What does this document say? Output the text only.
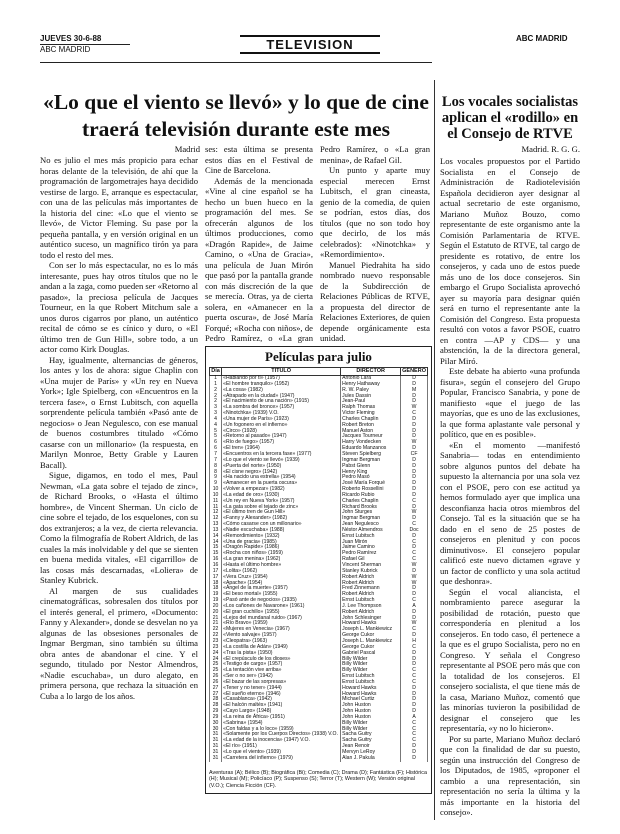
JUEVES 30-6-88
ABC MADRID	TELEVISION	ABC MADRID
«Lo que el viento se llevó» y lo que de cine traerá televisión durante este mes
Madrid

No es julio el mes más propicio para echar horas delante de la televisión, de ahí que la programación de largometrajes haya decidido vestirse de largo. E, arranque es espectacular, con una de las películas más importantes de la historia del cine: «Lo que el viento se llevó», de Victor Fleming. Su pase por la pequeña pantalla, y en versión original en un auténtico suceso, un magnífico tirón ya para todo el resto del mes.

Con ser lo más espectacular, no es lo más interesante, pues hay otros títulos que no le andan a la zaga, como pueden ser «Retorno al pasado», la preciosa película de Jacques Tourneur, en la que Robert Mitchum sale a unos duros cigarros por plano, un auténtico recital de cómo se es cínico y duro, o «El último tren de Gun Hill», sobre todo, a un actor como Kirk Douglas.

Hay, igualmente, alternancias de géneros, los antes y los de ahora: sigue Chaplin con «Una mujer de París» y «Un rey en Nueva York»; Igle Spielberg, con «Encuentros en la tercera fase», o Ernst Lubitsch, con aquella sorprendente película también «Pasó ante de negocios» o Jean Negulesco, con ese manual de buenos costumbres titulado «Cómo casarse con un millonario» (la respuesta, en Marilyn Monroe, Betty Grable y Lauren Bacall).

Sigue, digamos, en todo el mes, Paul Newman, «La gata sobre el tejado de zinc», de Richard Brooks, o «Hasta el último hombre», de Vincent Sherman. Un ciclo de cine sobre el tejado, de los esquelones, con su dos extranjeros; a la vez, de cierta relevancia. Como la filmografía de Robert Aldrich, de las cuales la más inolvidable y del que se sienten en buena medida vitales, «El cigarrillo» de las cosas más descarnadas, «Loliera» de Stanley Kubrick.

Al margen de sus cualidades cinematográficas, sobresalen dos títulos por el interés general, el primero, «Documento: Fanny y Alexander», donde se desvelan no ya algunas de las obsesiones personales de Ingmar Bergman, sino también su última obra antes de abandonar el cine. Y el segundo, titulado por Nestor Almendros, «Nadie escuchaba», un duro alegato, en primera persona, que rechaza la situación en Cuba a lo largo de los años.

ses: esta última se presenta estos días en el Festival de Cine de Barcelona.

Además de la mencionada «Vine al cine español se ha hecho un buen hueco en la programación del mes. Se ofrecerán algunos de los últimos producciones, como «Dragón Rapide», de Jaime Camino, o «Una de Gracia», una película de Juan Mirón que pasó por la pantalla grande con más discreción de la que se merecía. Otras, ya de cierta solera, en «Amanecer en la puerta oscura», de José María Forqué; «Rocha con niños», de Pedro Ramírez, o «La gran

Pedro Ramírez, o «La gran menina», de Rafael Gil.

Un punto y aparte muy especial merecen Ernst Lubitsch, el gran cineasta, genio de la comedia, de quien se podrían, estos días, dos títulos (que no son todo hoy que decirlo, de los más celebrados): «Ninotchka» y «Remordimiento».

Manuel Piedrahita ha sido nombrado nuevo responsable de la Subdirección de Relaciones Públicas de RTVE, a propuesta del director de Relaciones Exteriores, de quien depende orgánicamente esta unidad.

Los vocales socialistas aplican el «rodillo» en el Consejo de RTVE
Madrid. R. G. G.

Los vocales propuestos por el Partido Socialista en el Consejo de Administración de Radiotelevisión Española decidieron ayer designar al actual secretario de este organismo, Mariano Muñoz Bouzo, como representante de este organismo ante la Comisión Parlamentaria de RTVE. Según el Estatuto de RTVE, tal cargo de presidente es rotativo, de entre los consejeros, y cada uno de estos puede más uno de los doce consejeros. Sin embargo el Grupo Socialista aprovechó ayer su mayoría para designar quién será en turno el representante ante la Comisión del Congreso. Esta propuesta resultó con votos a favor PSOE, cuatro en contra —AP y CDS— y una abstención, la de la directora general, Pilar Miró.

Este debate ha abierto «una profunda fisura», según el consejero del Grupo Popular, Francisco Sanabria, y pone de manifiesto «que el juego de las mayorías, que es uno de las exclusiones, la que forma aplastante vale personal y político, que en es posible».

«En el momento —manifestó Sanabria— todas en entendimiento sobre algunos puntos del debate ha supuesto la alternancia por una sola vez con el PSOE, pero con ese actitud ya hemos formulado ayer que implica una desconfianza hacia otros miembros del Consejo. Tal es la situación que se ha dado en el seno de 25 postes de consejeros en plenitud y con pocos diminutivos». El consejero popular calificó este nuevo dictamen «grave y un factor de conflicto y una sola actitud que deshonra».

Según el vocal aliancista, el nombramiento parece asegurar la posibilidad de rotación, puesto que correspondería en plenitud a los consejeros. En todo caso, él pertenece a la que es el grupo Socialista, pero no en Congreso. Y señala el Congreso representante al PSOE pero más que con la totalidad de los consejeros. El consejero socialista, el que tiene más de la casa, Mariano Muñoz, comentó que las minorías tuvieron la posibilidad de designar el consejero que les representaría, «y no lo hicieron».

Por su parte, Mariano Muñoz declaró que con la finalidad de dar su puesto, según una instrucción del Congreso de los Diputados, de 1985, «proponer el cambio a una representación, sin representación no sería la última y la más importante en la historia del consejo».

Películas para julio
Día	TITULO	DIRECTOR	GENERO
1	«Hablando por tí» (1957)	Antonio Lara	D
1	«El hombre tranquilo» (1952)	Henry Hathaway	D
2	«La cosa» (1982)	R. W. Paley	M
2	«Atrapado en la ciudad» (1947)	Jules Dassin	D
2	«El nacimiento de una nación» (1915)	Jean-Paul	D
3	«La sombra del bronce» (1957)	Ralph Thomas	W
3	«Ninotchka» (1939) V.O.	Victor Fleming	C
4	«Una mujer de París» (1923)	Charles Chaplin	D
4	«Un fogonero en el infierno»	Robert Breton	D
5	«Circo» (1928)	Manuel Aston	D
5	«Retorno al pasado» (1947)	Jacques Tourneur	D
6	«Río de fuego» (1957)	Harry Vondecken	W
6	«El tren» (1964)	Eduardo Manzanos	D
7	«Encuentros en la tercera fase» (1977)	Steven Spielberg	CF
7	«Lo que el viento se llevó» (1939)	Ingmar Bergman	D
8	«Puerta del norte» (1950)	Pabst Glenn	D
8	«El cisne negro» (1942)	Henry King	D
9	«Ha nacido una estrella» (1954)	Pedro Masó	D
9	«Amanecer en la puerta oscura»	José María Forqué	D
10	«Volver a empezar» (1982)	Roberto Rossellini	D
10	«La edad de oro» (1930)	Ricardo Rubio	D
11	«Un rey en Nueva York» (1957)	Charles Chaplin	C
11	«La gata sobre el tejado de zinc»	Richard Brooks	D
12	«El último tren de Gun Hill»	John Sturges	W
12	«Fanny y Alexander» (1982)	Ingmar Bergman	D
13	«Cómo casarse con un millonario»	Jean Negulesco	C
13	«Nadie escuchaba» (1988)	Néstor Almendros	Doc
14	«Remordimiento» (1932)	Ernst Lubitsch	D
14	«Una de gracia» (1985)	Juan Mirón	C
15	«Dragón Rapide» (1986)	Jaime Camino	D
15	«Rocha con niños» (1959)	Pedro Ramírez	C
16	«La gran menina» (1962)	Rafael Gil	C
16	«Hasta el último hombre»	Vincent Sherman	W
17	«Lolita» (1962)	Stanley Kubrick	D
17	«Vera Cruz» (1954)	Robert Aldrich	W
18	«Apache» (1954)	Robert Aldrich	W
18	«Ángel de la muerte» (1957)	Fred Zinnemann	D
19	«El beso mortal» (1955)	Robert Aldrich	D
19	«Pasó ante de negocios» (1935)	Ernst Lubitsch	C
20	«Los cañones de Navarone» (1961)	J. Lee Thompson	A
20	«El gran cuchillo» (1955)	Robert Aldrich	D
21	«Lejos del mundanal ruido» (1967)	John Schlesinger	D
21	«Río Bravo» (1959)	Howard Hawks	W
22	«Mujeres en Venecia» (1967)	Joseph L. Mankiewicz	C
22	«Viento salvaje» (1957)	George Cukor	D
23	«Cleopatra» (1963)	Joseph L. Mankiewicz	H
23	«La costilla de Adán» (1949)	George Cukor	C
24	«Tras la pista» (1950)	Gabriel Pascal	D
24	«El crepúsculo de los dioses»	Billy Wilder	D
25	«Testigo de cargo» (1957)	Billy Wilder	D
25	«La tentación vive arriba»	Billy Wilder	C
26	«Ser o no ser» (1942)	Ernst Lubitsch	C
26	«El bazar de las sorpresas»	Ernst Lubitsch	C
27	«Tener y no tener» (1944)	Howard Hawks	D
27	«El sueño eterno» (1946)	Howard Hawks	D
28	«Casablanca» (1942)	Michael Curtiz	D
28	«El halcón maltés» (1941)	John Huston	D
29	«Cayo Largo» (1948)	John Huston	D
29	«La reina de África» (1951)	John Huston	A
30	«Sabrina» (1954)	Billy Wilder	C
30	«Con faldas y a lo loco» (1959)	Billy Wilder	C
31	«Solamente por los Cuerpos Directos» (1938) V.O.	Sacha Guitry	C
31	«La edad de la inocencia» (1947) V.O.	Sacha Guitry	C
31	«El río» (1951)	Jean Renoir	D
31	«Lo que el viento» (1939)	Mervyn LeRoy	D
31	«Carretera del infierno» (1979)	Alan J. Pakula	D
Aventuras (A); Bélico (B); Biográfica (Bi); Comedia (C); Drama (D); Fantástica (F); Histórica (H); Musical (M); Policíaco (P); Suspenso (S); Terror (T); Western (W); Versión original (V.O.); Ciencia Ficción (CF).
